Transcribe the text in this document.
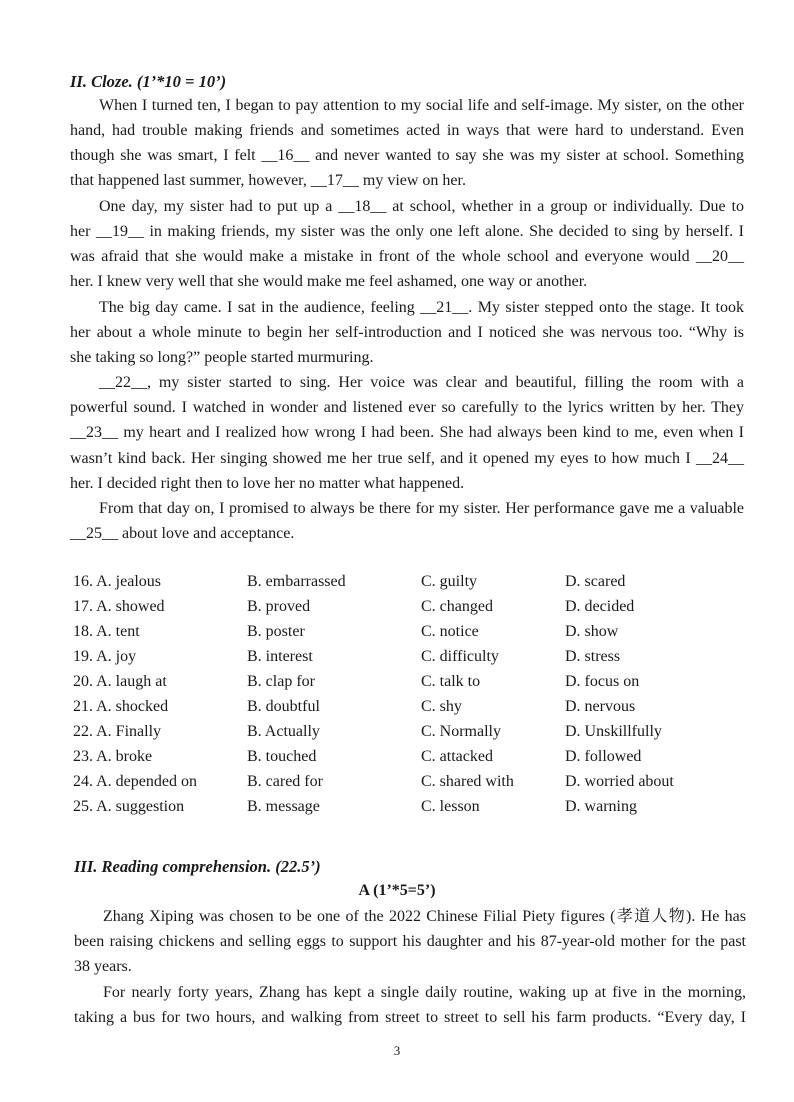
II. Cloze. (1’*10 = 10’)
When I turned ten, I began to pay attention to my social life and self-image. My sister, on the other
hand, had trouble making friends and sometimes acted in ways that were hard to understand. Even
though she was smart, I felt __16__ and never wanted to say she was my sister at school. Something
that happened last summer, however, __17__ my view on her.
One day, my sister had to put up a __18__ at school, whether in a group or individually. Due to
her __19__ in making friends, my sister was the only one left alone. She decided to sing by herself. I
was afraid that she would make a mistake in front of the whole school and everyone would __20__
her. I knew very well that she would make me feel ashamed, one way or another.
The big day came. I sat in the audience, feeling __21__. My sister stepped onto the stage. It took
her about a whole minute to begin her self-introduction and I noticed she was nervous too. “Why is
she taking so long?” people started murmuring.
__22__, my sister started to sing. Her voice was clear and beautiful, filling the room with a
powerful sound. I watched in wonder and listened ever so carefully to the lyrics written by her. They
__23__ my heart and I realized how wrong I had been. She had always been kind to me, even when I
wasn’t kind back. Her singing showed me her true self, and it opened my eyes to how much I __24__
her. I decided right then to love her no matter what happened.
From that day on, I promised to always be there for my sister. Her performance gave me a valuable
__25__ about love and acceptance.
16. A. jealous	B. embarrassed	C. guilty	D. scared
17. A. showed	B. proved	C. changed	D. decided
18. A. tent	B. poster	C. notice	D. show
19. A. joy	B. interest	C. difficulty	D. stress
20. A. laugh at	B. clap for	C. talk to	D. focus on
21. A. shocked	B. doubtful	C. shy	D. nervous
22. A. Finally	B. Actually	C. Normally	D. Unskillfully
23. A. broke	B. touched	C. attacked	D. followed
24. A. depended on	B. cared for	C. shared with	D. worried about
25. A. suggestion	B. message	C. lesson	D. warning
III. Reading comprehension. (22.5’)
A (1’*5=5’)
Zhang Xiping was chosen to be one of the 2022 Chinese Filial Piety figures (孝道人物). He has
been raising chickens and selling eggs to support his daughter and his 87-year-old mother for the past
38 years.
For nearly forty years, Zhang has kept a single daily routine, waking up at five in the morning,
taking a bus for two hours, and walking from street to street to sell his farm products. “Every day, I
3
